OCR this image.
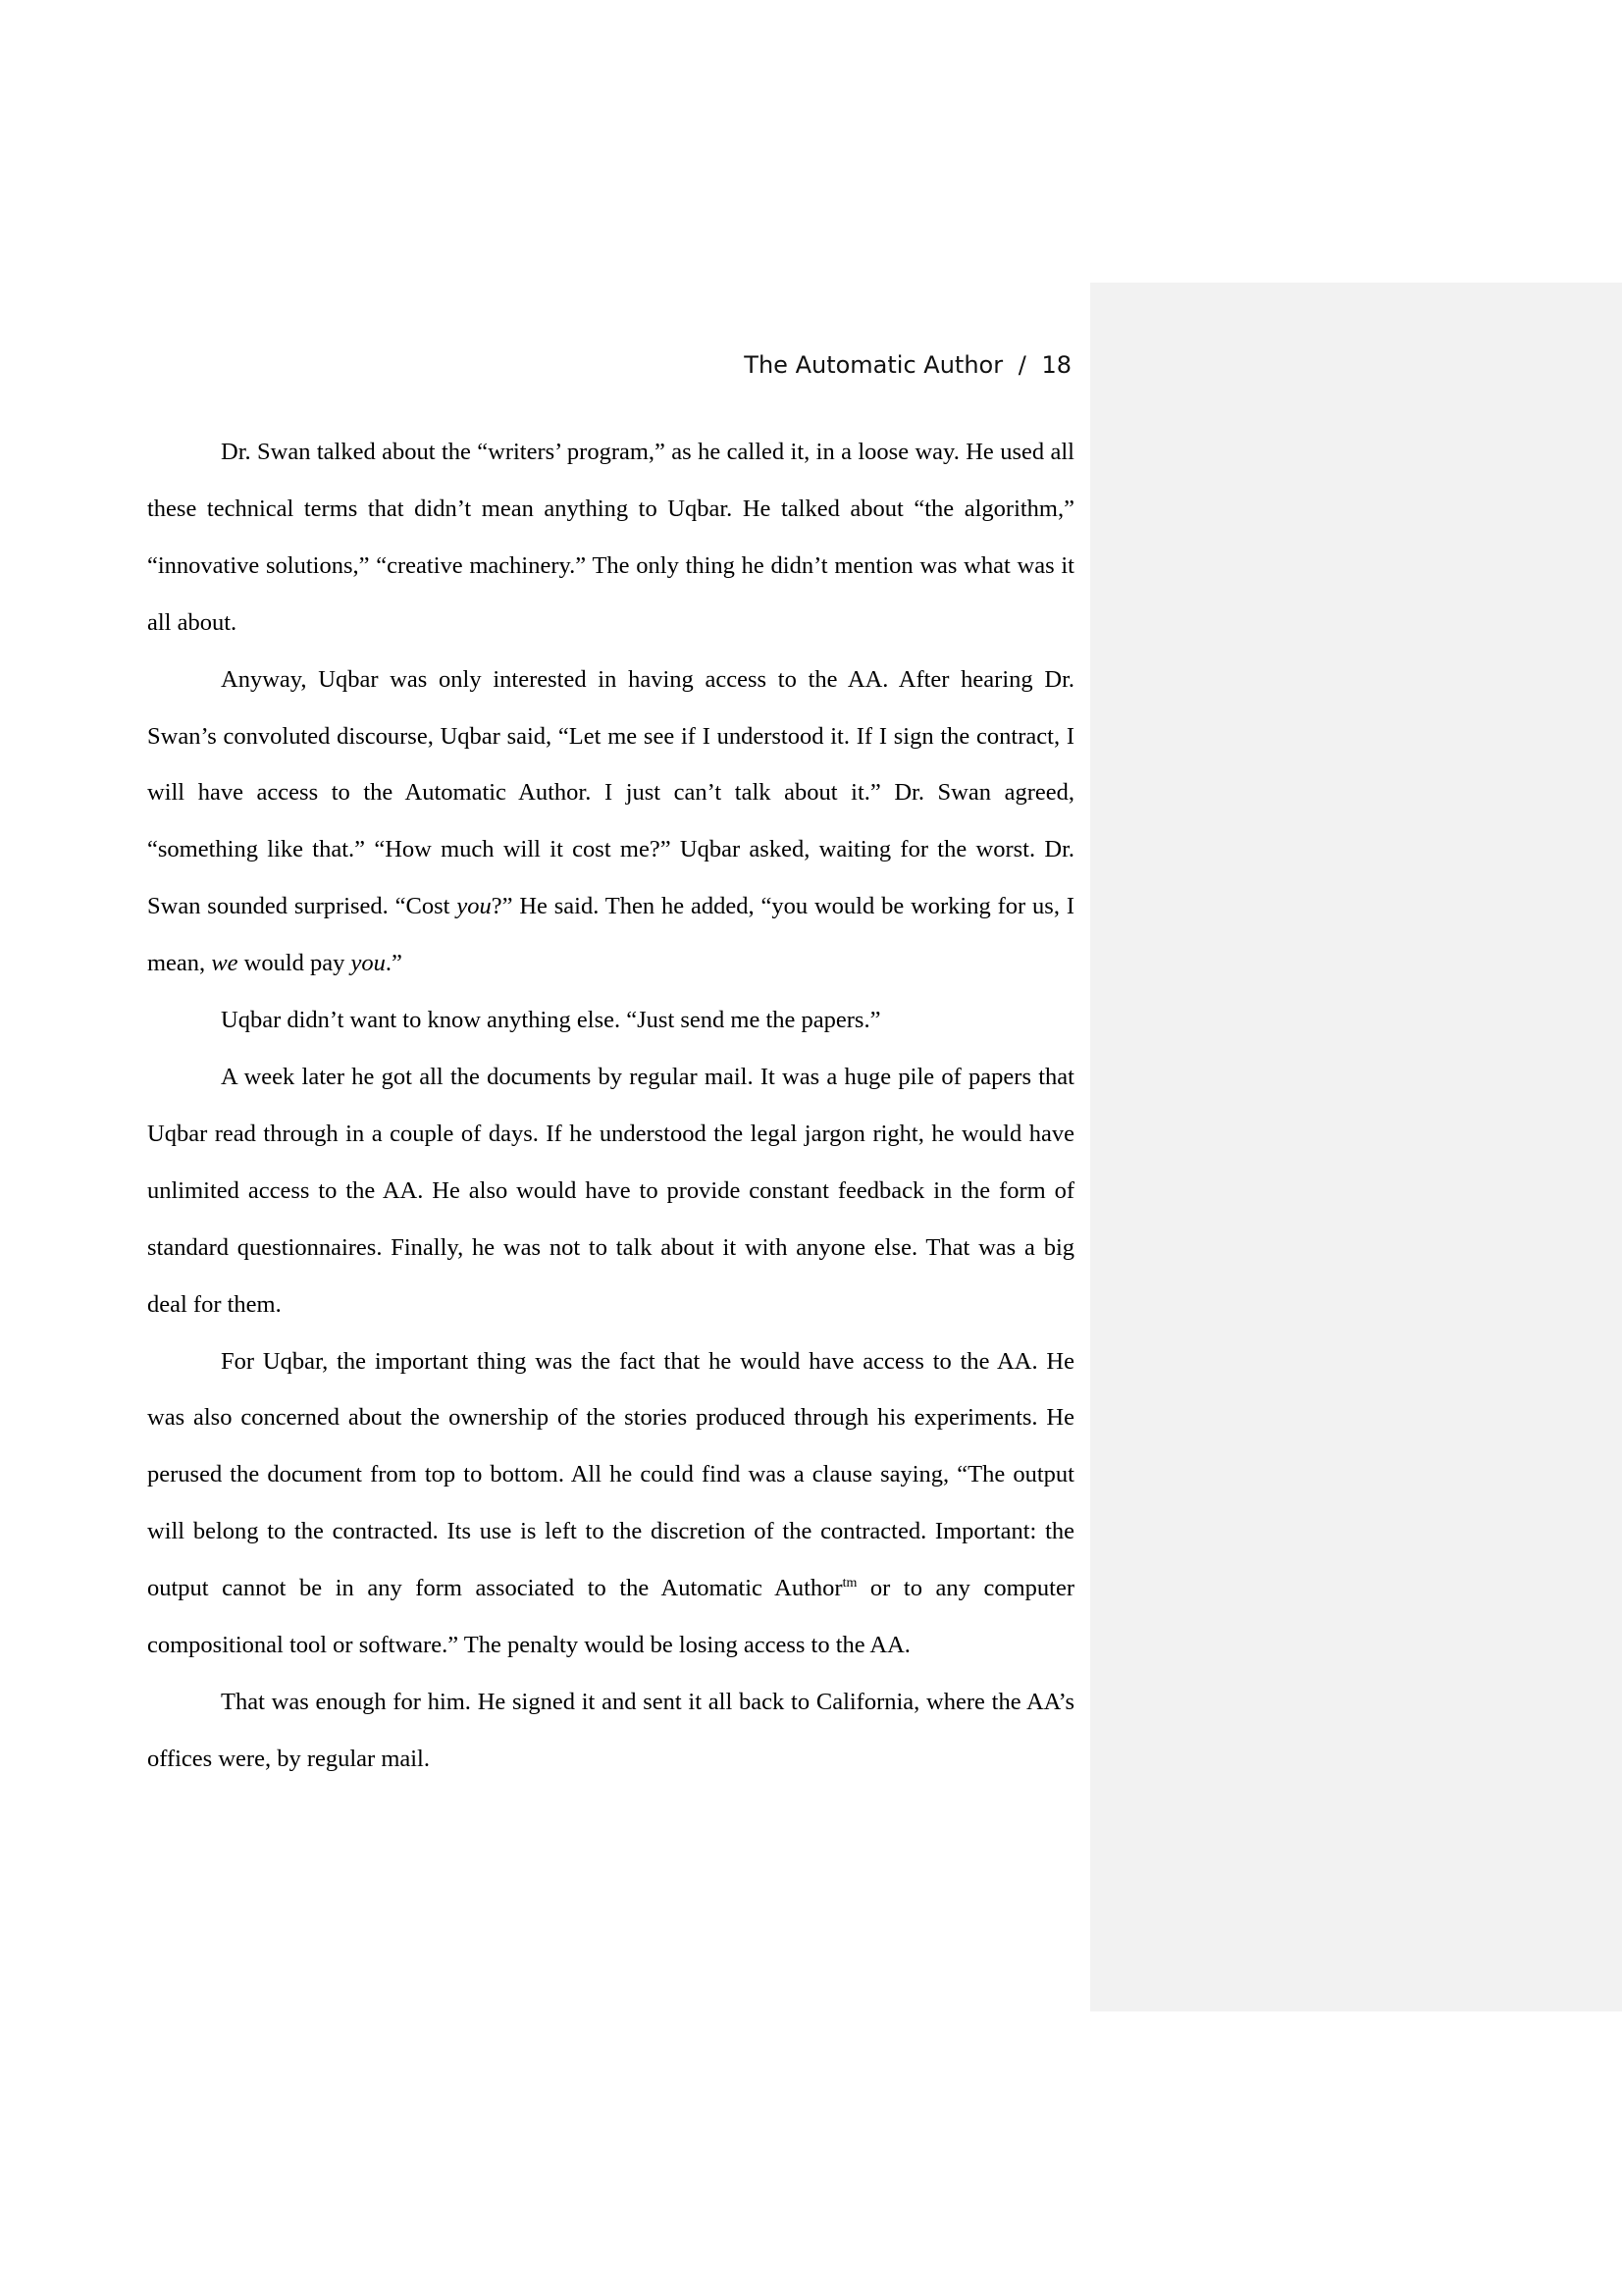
The Automatic Author / 18

Dr. Swan talked about the “writers’ program,” as he called it, in a loose way. He used all these technical terms that didn’t mean anything to Uqbar. He talked about “the algorithm,” “innovative solutions,” “creative machinery.” The only thing he didn’t mention was what was it all about.

Anyway, Uqbar was only interested in having access to the AA. After hearing Dr. Swan’s convoluted discourse, Uqbar said, “Let me see if I understood it. If I sign the contract, I will have access to the Automatic Author. I just can’t talk about it.” Dr. Swan agreed, “something like that.” “How much will it cost me?” Uqbar asked, waiting for the worst. Dr. Swan sounded surprised. “Cost you?” He said. Then he added, “you would be working for us, I mean, we would pay you.”

Uqbar didn’t want to know anything else. “Just send me the papers.”

A week later he got all the documents by regular mail. It was a huge pile of papers that Uqbar read through in a couple of days. If he understood the legal jargon right, he would have unlimited access to the AA. He also would have to provide constant feedback in the form of standard questionnaires. Finally, he was not to talk about it with anyone else. That was a big deal for them.

For Uqbar, the important thing was the fact that he would have access to the AA. He was also concerned about the ownership of the stories produced through his experiments. He perused the document from top to bottom. All he could find was a clause saying, “The output will belong to the contracted. Its use is left to the discretion of the contracted. Important: the output cannot be in any form associated to the Automatic Author$^{tm}$ or to any computer compositional tool or software.” The penalty would be losing access to the AA.

That was enough for him. He signed it and sent it all back to California, where the AA’s offices were, by regular mail.
